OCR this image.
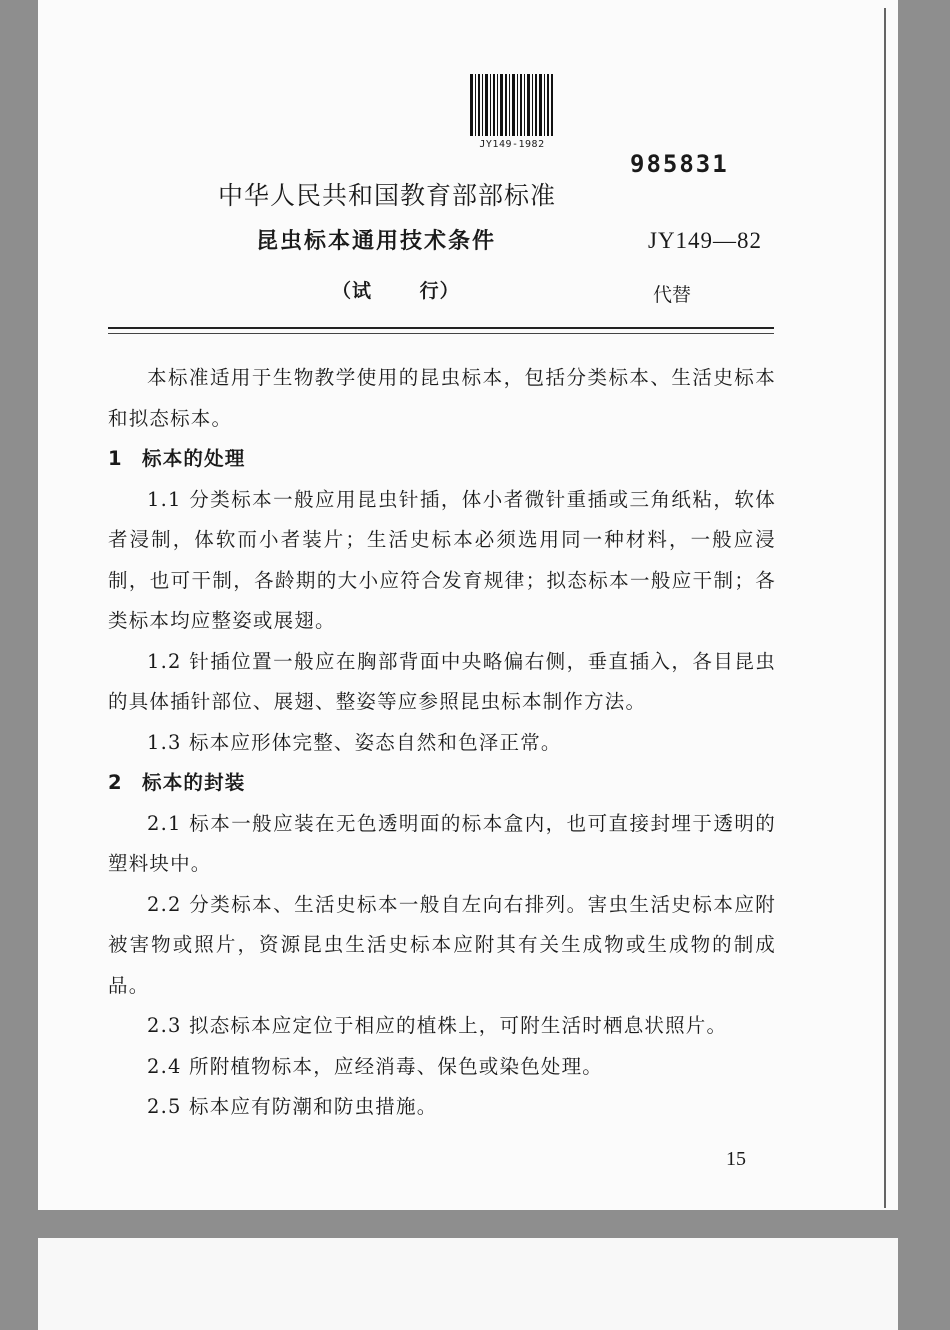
JY149-1982
985831
中华人民共和国教育部部标准
昆虫标本通用技术条件	JY149—82
（试 行）	代替

本标准适用于生物教学使用的昆虫标本，包括分类标本、生活史标本和拟态标本。

1 标本的处理

1.1 分类标本一般应用昆虫针插，体小者微针重插或三角纸粘，软体者浸制，体软而小者装片；生活史标本必须选用同一种材料，一般应浸制，也可干制，各龄期的大小应符合发育规律；拟态标本一般应干制；各类标本均应整姿或展翅。

1.2 针插位置一般应在胸部背面中央略偏右侧，垂直插入，各目昆虫的具体插针部位、展翅、整姿等应参照昆虫标本制作方法。

1.3 标本应形体完整、姿态自然和色泽正常。

2 标本的封装

2.1 标本一般应装在无色透明面的标本盒内，也可直接封埋于透明的塑料块中。

2.2 分类标本、生活史标本一般自左向右排列。害虫生活史标本应附被害物或照片，资源昆虫生活史标本应附其有关生成物或生成物的制成品。

2.3 拟态标本应定位于相应的植株上，可附生活时栖息状照片。

2.4 所附植物标本，应经消毒、保色或染色处理。

2.5 标本应有防潮和防虫措施。

15
